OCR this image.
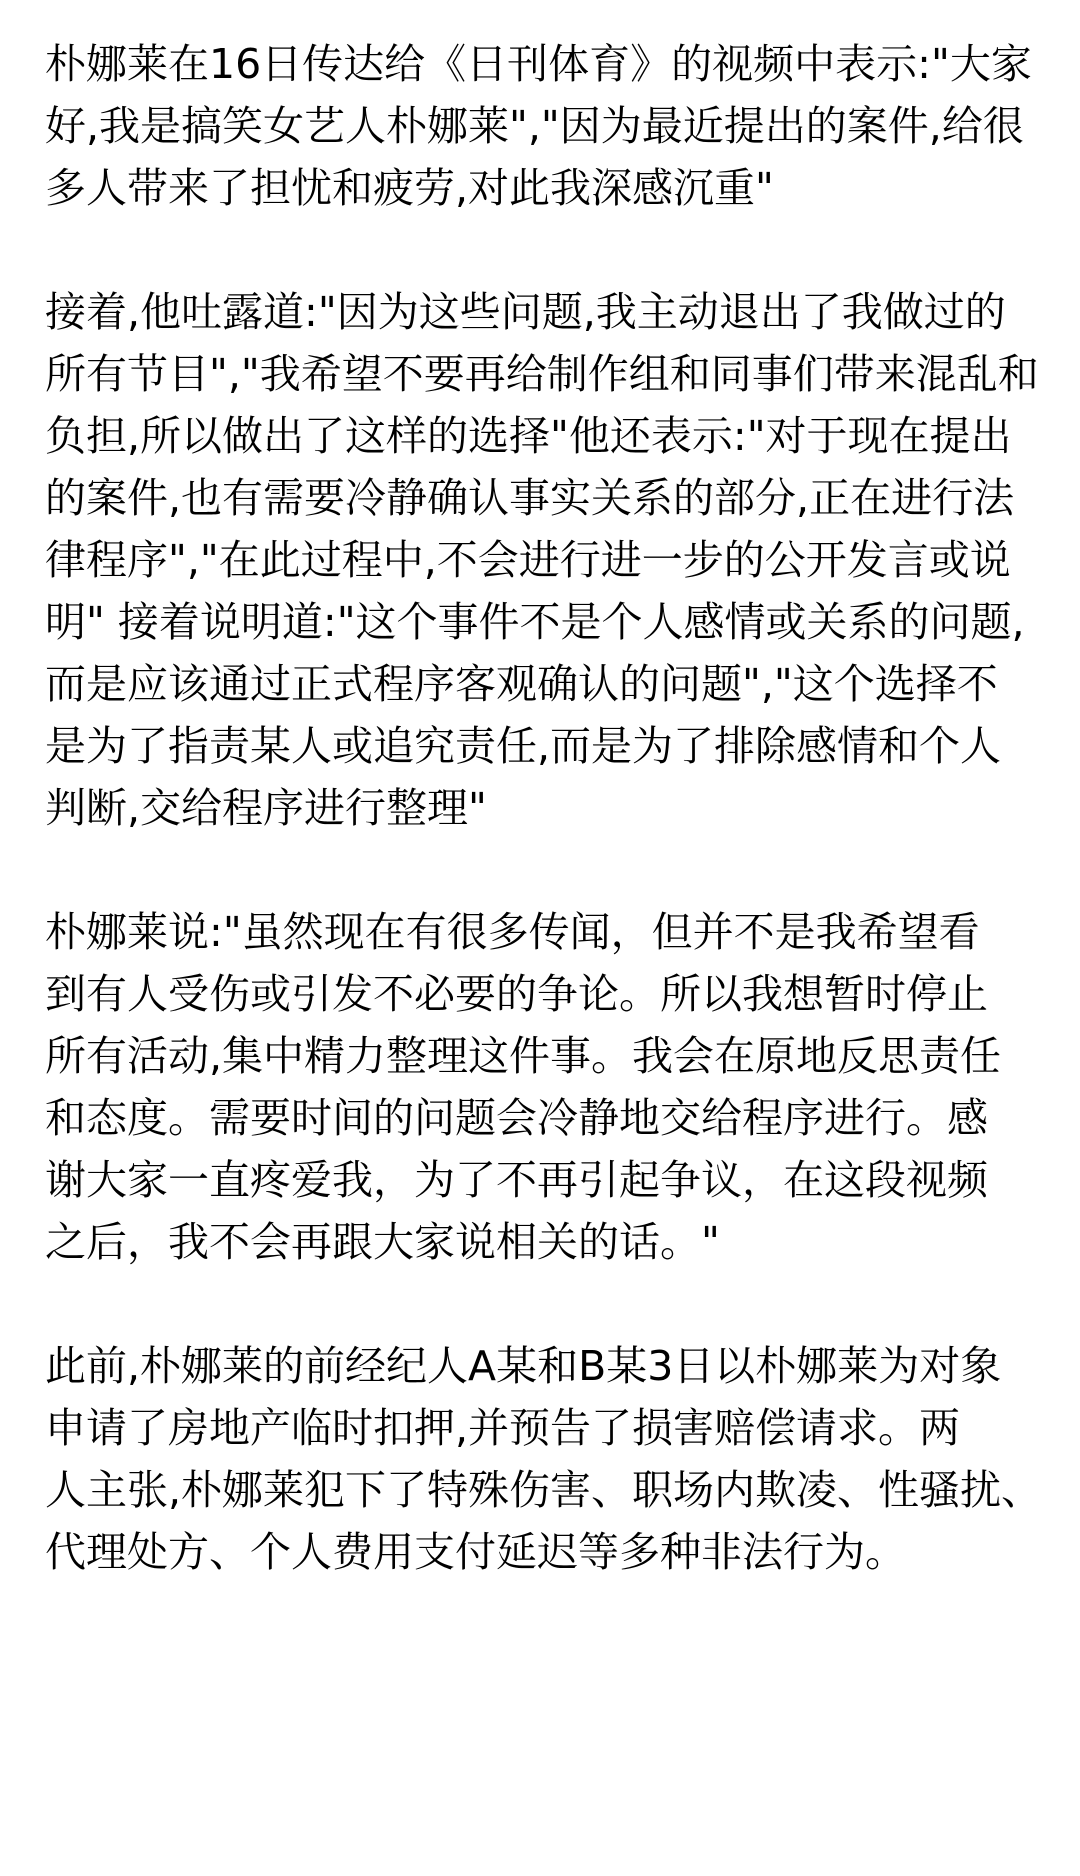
朴娜莱在16日传达给《日刊体育》的视频中表示:"大家
好,我是搞笑女艺人朴娜莱","因为最近提出的案件,给很
多人带来了担忧和疲劳,对此我深感沉重"

接着,他吐露道:"因为这些问题,我主动退出了我做过的
所有节目","我希望不要再给制作组和同事们带来混乱和
负担,所以做出了这样的选择"他还表示:"对于现在提出
的案件,也有需要冷静确认事实关系的部分,正在进行法
律程序","在此过程中,不会进行进一步的公开发言或说
明" 接着说明道:"这个事件不是个人感情或关系的问题,
而是应该通过正式程序客观确认的问题","这个选择不
是为了指责某人或追究责任,而是为了排除感情和个人
判断,交给程序进行整理"

朴娜莱说:"虽然现在有很多传闻，但并不是我希望看
到有人受伤或引发不必要的争论。所以我想暂时停止
所有活动,集中精力整理这件事。我会在原地反思责任
和态度。需要时间的问题会冷静地交给程序进行。感
谢大家一直疼爱我，为了不再引起争议，在这段视频
之后，我不会再跟大家说相关的话。"

此前,朴娜莱的前经纪人A某和B某3日以朴娜莱为对象
申请了房地产临时扣押,并预告了损害赔偿请求。两
人主张,朴娜莱犯下了特殊伤害、职场内欺凌、性骚扰、
代理处方、个人费用支付延迟等多种非法行为。
